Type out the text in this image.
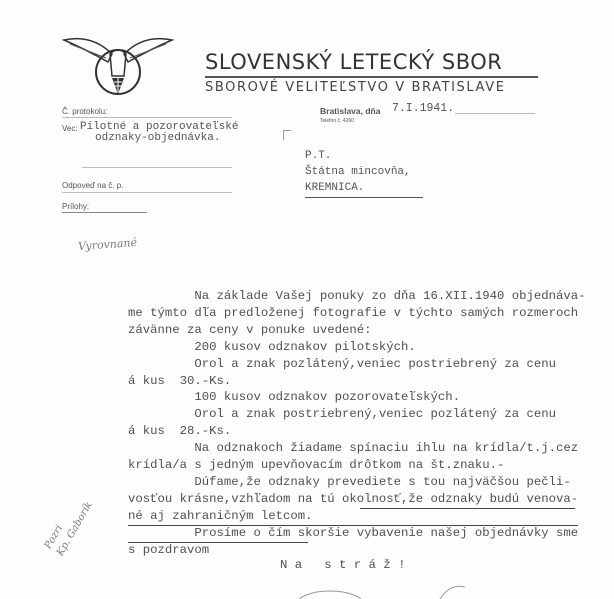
SLOVENSKÝ LETECKÝ SBOR
SBOROVÉ VELITEĽSTVO V BRATISLAVE
Č. protokolu:
Vec: Pilotné a pozorovateľské
odznaky-objednávka.
Odpoveď na č. p.
Prílohy:
Bratislava, dňa 7.I.1941.
Telefon č. 4260
P.T.
Štátna mincovňa,
KREMNICA.
Vyrovnané
Pozri
Kp. Gaborík
Na základe Vašej ponuky zo dňa 16.XII.1940 objednáva-
me týmto dľa predloženej fotografie v týchto samých rozmeroch
závänne za ceny v ponuke uvedené:
200 kusov odznakov pilotských.
Orol a znak pozlátený,veniec postriebrený za cenu
á kus  30.-Ks.
100 kusov odznakov pozorovateľských.
Orol a znak postriebrený,veniec pozlátený za cenu
á kus  28.-Ks.
Na odznakoch žiadame spínaciu ihlu na krídla/t.j.cez
krídla/a s jedným upevňovacím drôtkom na št.znaku.-
Dúfame,že odznaky prevediete s tou najväčšou pečli-
vosťou krásne,vzhľadom na tú okolnosť,že odznaky budú venova-
né aj zahraničným letcom.
Prosíme o čím skoršie vybavenie našej objednávky sme
s pozdravom
N a   s t r á ž !
